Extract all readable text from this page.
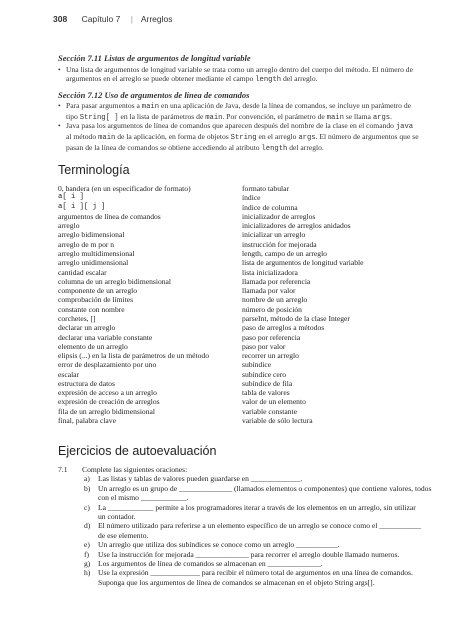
308 Capítulo 7 | Arreglos
Sección 7.11 Listas de argumentos de longitud variable
• Una lista de argumentos de longitud variable se trata como un arreglo dentro del cuerpo del método. El número de
argumentos en el arreglo se puede obtener mediante el campo length del arreglo.
Sección 7.12 Uso de argumentos de línea de comandos
• Para pasar argumentos a main en una aplicación de Java, desde la línea de comandos, se incluye un parámetro de
tipo String[ ] en la lista de parámetros de main. Por convención, el parámetro de main se llama args.
• Java pasa los argumentos de línea de comandos que aparecen después del nombre de la clase en el comando java
al método main de la aplicación, en forma de objetos String en el arreglo args. El número de argumentos que se
pasan de la línea de comandos se obtiene accediendo al atributo length del arreglo.
Terminología
0, bandera (en un especificador de formato)
a[ i ]
a[ i ][ j ]
argumentos de línea de comandos
arreglo
arreglo bidimensional
arreglo de m por n
arreglo multidimensional
arreglo unidimensional
cantidad escalar
columna de un arreglo bidimensional
componente de un arreglo
comprobación de límites
constante con nombre
corchetes, []
declarar un arreglo
declarar una variable constante
elemento de un arreglo
elipsis (...) en la lista de parámetros de un método
error de desplazamiento por uno
escalar
estructura de datos
expresión de acceso a un arreglo
expresión de creación de arreglos
fila de un arreglo bidimensional
final, palabra clave
formato tabular
índice
índice de columna
inicializador de arreglos
inicializadores de arreglos anidados
inicializar un arreglo
instrucción for mejorada
length, campo de un arreglo
lista de argumentos de longitud variable
lista inicializadora
llamada por referencia
llamada por valor
nombre de un arreglo
número de posición
parseInt, método de la clase Integer
paso de arreglos a métodos
paso por referencia
paso por valor
recorrer un arreglo
subíndice
subíndice cero
subíndice de fila
tabla de valores
valor de un elemento
variable constante
variable de sólo lectura
Ejercicios de autoevaluación
7.1 Complete las siguientes oraciones:
a) Las listas y tablas de valores pueden guardarse en _____________.
b) Un arreglo es un grupo de ______________ (llamados elementos o componentes) que contiene valores, todos
con el mismo ____________.
c) La ____________ permite a los programadores iterar a través de los elementos en un arreglo, sin utilizar
un contador.
d) El número utilizado para referirse a un elemento específico de un arreglo se conoce como el ___________
de ese elemento.
e) Un arreglo que utiliza dos subíndices se conoce como un arreglo ___________.
f) Use la instrucción for mejorada ______________ para recorrer el arreglo double llamado numeros.
g) Los argumentos de línea de comandos se almacenan en ______________.
h) Use la expresión _____________ para recibir el número total de argumentos en una línea de comandos.
Suponga que los argumentos de línea de comandos se almacenan en el objeto String args[].
